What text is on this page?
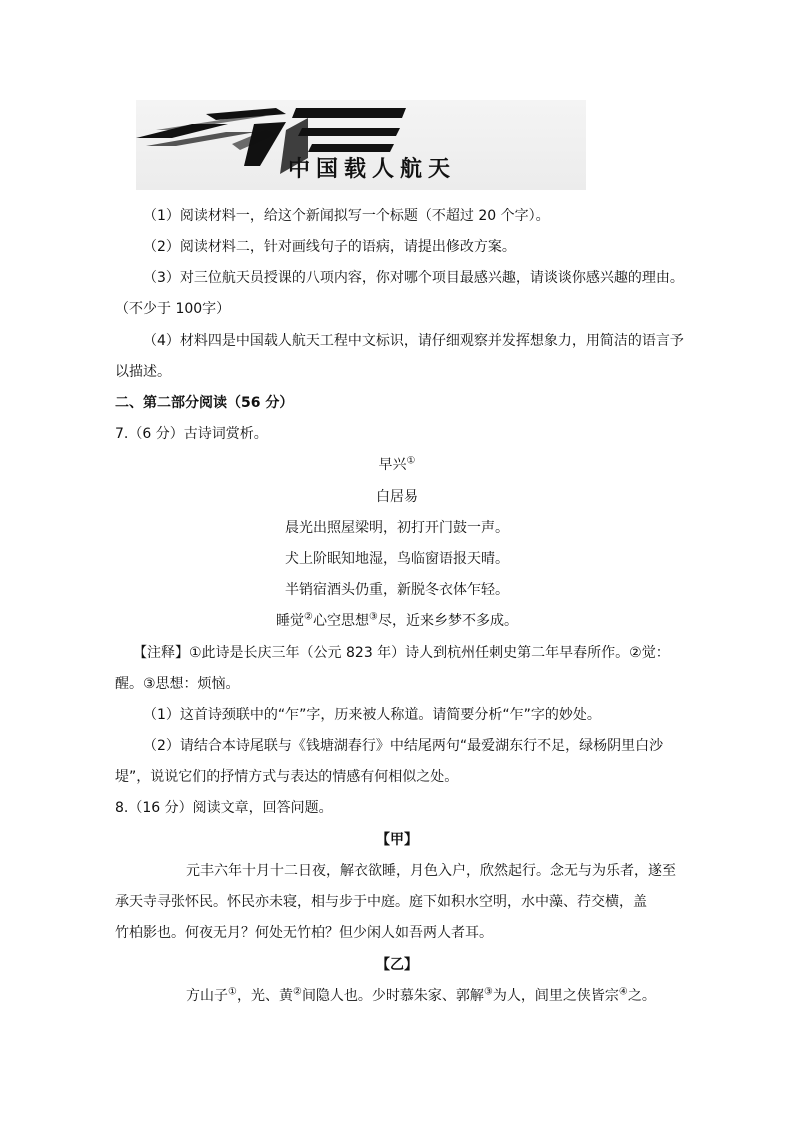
中国载人航天
（1）阅读材料一，给这个新闻拟写一个标题（不超过 20 个字）。
（2）阅读材料二，针对画线句子的语病，请提出修改方案。
（3）对三位航天员授课的八项内容，你对哪个项目最感兴趣，请谈谈你感兴趣的理由。
（不少于 100字）
（4）材料四是中国载人航天工程中文标识，请仔细观察并发挥想象力，用简洁的语言予
以描述。
二、第二部分阅读（56 分）
7.（6 分）古诗词赏析。
早兴①
白居易
晨光出照屋梁明，初打开门鼓一声。
犬上阶眠知地湿，鸟临窗语报天晴。
半销宿酒头仍重，新脱冬衣体乍轻。
睡觉②心空思想③尽，近来乡梦不多成。
【注释】①此诗是长庆三年（公元 823 年）诗人到杭州任刺史第二年早春所作。②觉：
醒。③思想：烦恼。
（1）这首诗颈联中的“乍”字，历来被人称道。请简要分析“乍”字的妙处。
（2）请结合本诗尾联与《钱塘湖春行》中结尾两句“最爱湖东行不足，绿杨阴里白沙
堤”，说说它们的抒情方式与表达的情感有何相似之处。
8.（16 分）阅读文章，回答问题。
【甲】
元丰六年十月十二日夜，解衣欲睡，月色入户，欣然起行。念无与为乐者，遂至
承天寺寻张怀民。怀民亦未寝，相与步于中庭。庭下如积水空明，水中藻、荇交横，盖
竹柏影也。何夜无月？何处无竹柏？但少闲人如吾两人者耳。
【乙】
方山子①，光、黄②间隐人也。少时慕朱家、郭解③为人，闾里之侠皆宗④之。
